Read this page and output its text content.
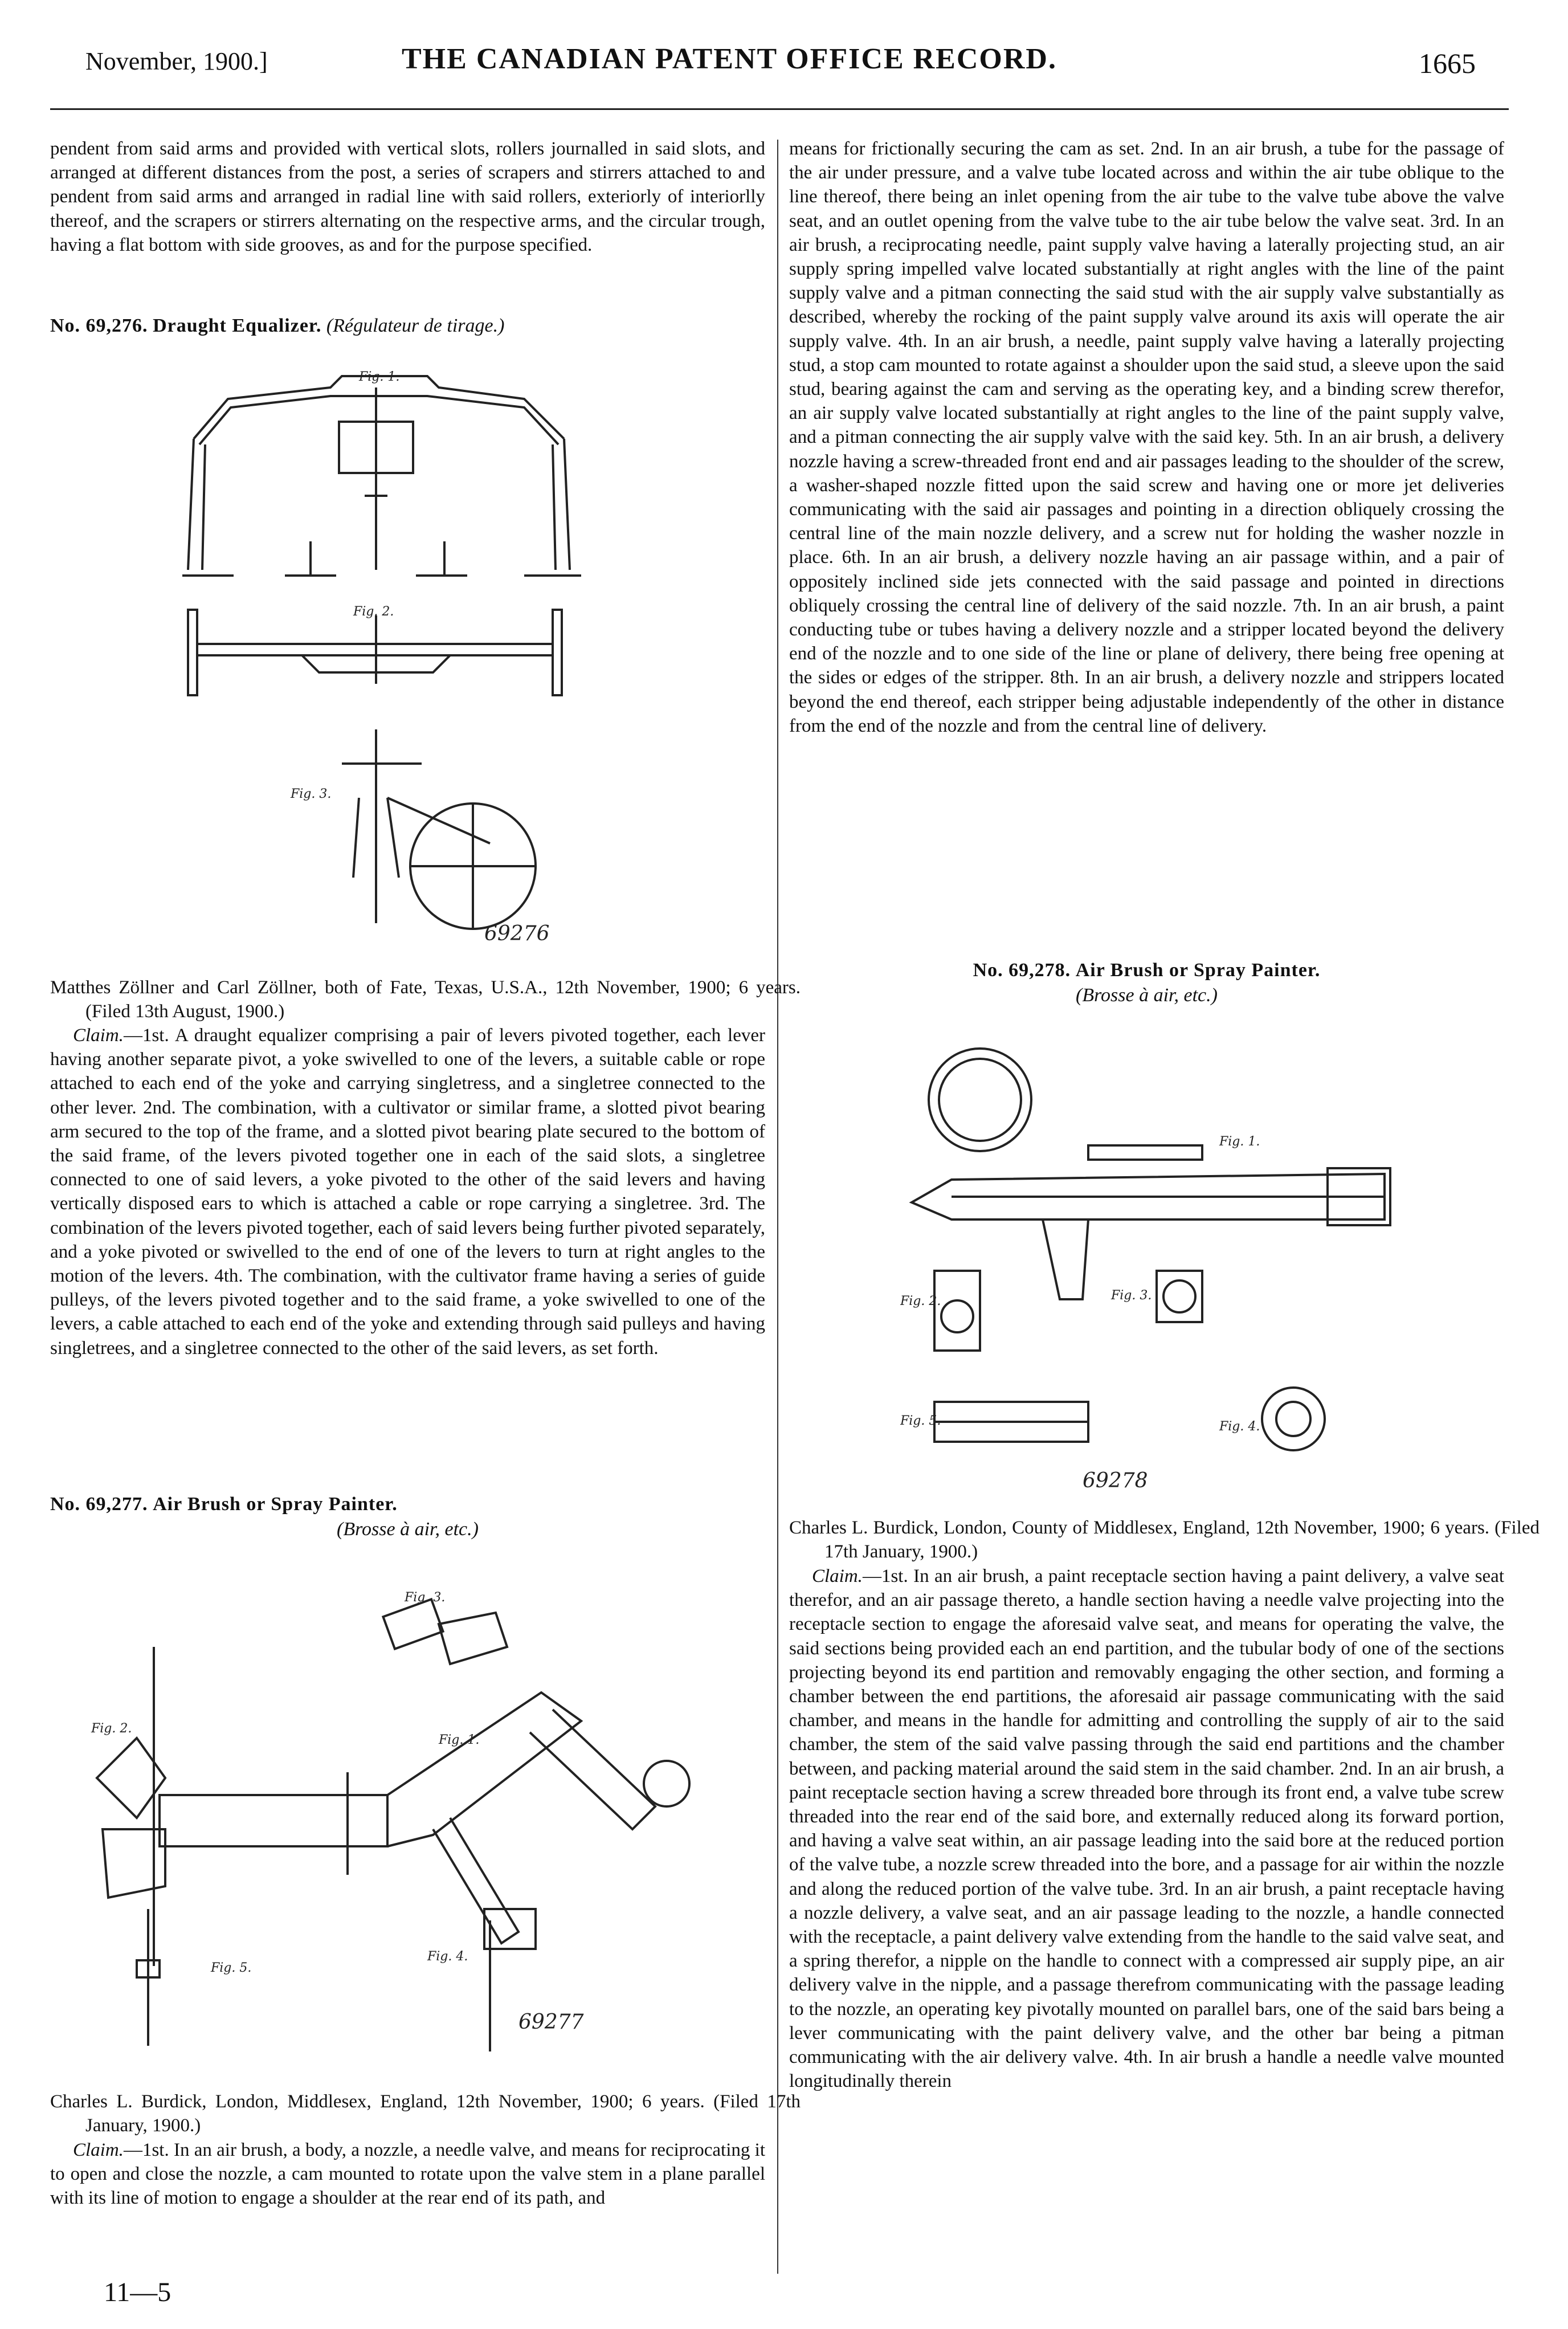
November, 1900.]	THE CANADIAN PATENT OFFICE RECORD.	1665

pendent from said arms and provided with vertical slots, rollers journalled in said slots, and arranged at different distances from the post, a series of scrapers and stirrers attached to and pendent from said arms and arranged in radial line with said rollers, exteriorly of interiorlly thereof, and the scrapers or stirrers alternating on the respective arms, and the circular trough, having a flat bottom with side grooves, as and for the purpose specified.

No. 69,276. Draught Equalizer. (Régulateur de tirage.)
Fig. 1.
Fig. 2.
Fig. 3.
69276
Matthes Zöllner and Carl Zöllner, both of Fate, Texas, U.S.A., 12th November, 1900; 6 years. (Filed 13th August, 1900.)
Claim.—1st. A draught equalizer comprising a pair of levers pivoted together, each lever having another separate pivot, a yoke swivelled to one of the levers, a suitable cable or rope attached to each end of the yoke and carrying singletress, and a singletree connected to the other lever. 2nd. The combination, with a cultivator or similar frame, a slotted pivot bearing arm secured to the top of the frame, and a slotted pivot bearing plate secured to the bottom of the said frame, of the levers pivoted together one in each of the said slots, a singletree connected to one of said levers, a yoke pivoted to the other of the said levers and having vertically disposed ears to which is attached a cable or rope carrying a singletree. 3rd. The combination of the levers pivoted together, each of said levers being further pivoted separately, and a yoke pivoted or swivelled to the end of one of the levers to turn at right angles to the motion of the levers. 4th. The combination, with the cultivator frame having a series of guide pulleys, of the levers pivoted together and to the said frame, a yoke swivelled to one of the levers, a cable attached to each end of the yoke and extending through said pulleys and having singletrees, and a singletree connected to the other of the said levers, as set forth.
No. 69,277. Air Brush or Spray Painter.
(Brosse à air, etc.)
Fig. 3.
Fig. 2.
Fig. 1.
Fig. 5.
Fig. 4.
69277
Charles L. Burdick, London, Middlesex, England, 12th November, 1900; 6 years. (Filed 17th January, 1900.)
Claim.—1st. In an air brush, a body, a nozzle, a needle valve, and means for reciprocating it to open and close the nozzle, a cam mounted to rotate upon the valve stem in a plane parallel with its line of motion to engage a shoulder at the rear end of its path, and
11—5

means for frictionally securing the cam as set. 2nd. In an air brush, a tube for the passage of the air under pressure, and a valve tube located across and within the air tube oblique to the line thereof, there being an inlet opening from the air tube to the valve tube above the valve seat, and an outlet opening from the valve tube to the air tube below the valve seat. 3rd. In an air brush, a reciprocating needle, paint supply valve having a laterally projecting stud, an air supply spring impelled valve located substantially at right angles with the line of the paint supply valve and a pitman connecting the said stud with the air supply valve substantially as described, whereby the rocking of the paint supply valve around its axis will operate the air supply valve. 4th. In an air brush, a needle, paint supply valve having a laterally projecting stud, a stop cam mounted to rotate against a shoulder upon the said stud, a sleeve upon the said stud, bearing against the cam and serving as the operating key, and a binding screw therefor, an air supply valve located substantially at right angles to the line of the paint supply valve, and a pitman connecting the air supply valve with the said key. 5th. In an air brush, a delivery nozzle having a screw-threaded front end and air passages leading to the shoulder of the screw, a washer-shaped nozzle fitted upon the said screw and having one or more jet deliveries communicating with the said air passages and pointing in a direction obliquely crossing the central line of the main nozzle delivery, and a screw nut for holding the washer nozzle in place. 6th. In an air brush, a delivery nozzle having an air passage within, and a pair of oppositely inclined side jets connected with the said passage and pointed in directions obliquely crossing the central line of delivery of the said nozzle. 7th. In an air brush, a paint conducting tube or tubes having a delivery nozzle and a stripper located beyond the delivery end of the nozzle and to one side of the line or plane of delivery, there being free opening at the sides or edges of the stripper. 8th. In an air brush, a delivery nozzle and strippers located beyond the end thereof, each stripper being adjustable independently of the other in distance from the end of the nozzle and from the central line of delivery.

No. 69,278. Air Brush or Spray Painter.
(Brosse à air, etc.)
Fig. 1.
Fig. 2.	Fig. 3.
Fig. 5.	Fig. 4.
69278
Charles L. Burdick, London, County of Middlesex, England, 12th November, 1900; 6 years. (Filed 17th January, 1900.)
Claim.—1st. In an air brush, a paint receptacle section having a paint delivery, a valve seat therefor, and an air passage thereto, a handle section having a needle valve projecting into the receptacle section to engage the aforesaid valve seat, and means for operating the valve, the said sections being provided each an end partition, and the tubular body of one of the sections projecting beyond its end partition and removably engaging the other section, and forming a chamber between the end partitions, the aforesaid air passage communicating with the said chamber, and means in the handle for admitting and controlling the supply of air to the said chamber, the stem of the said valve passing through the said end partitions and the chamber between, and packing material around the said stem in the said chamber. 2nd. In an air brush, a paint receptacle section having a screw threaded bore through its front end, a valve tube screw threaded into the rear end of the said bore, and externally reduced along its forward portion, and having a valve seat within, an air passage leading into the said bore at the reduced portion of the valve tube, a nozzle screw threaded into the bore, and a passage for air within the nozzle and along the reduced portion of the valve tube. 3rd. In an air brush, a paint receptacle having a nozzle delivery, a valve seat, and an air passage leading to the nozzle, a handle connected with the receptacle, a paint delivery valve extending from the handle to the said valve seat, and a spring therefor, a nipple on the handle to connect with a compressed air supply pipe, an air delivery valve in the nipple, and a passage therefrom communicating with the passage leading to the nozzle, an operating key pivotally mounted on parallel bars, one of the said bars being a lever communicating with the paint delivery valve, and the other bar being a pitman communicating with the air delivery valve. 4th. In air brush a handle a needle valve mounted longitudinally therein
